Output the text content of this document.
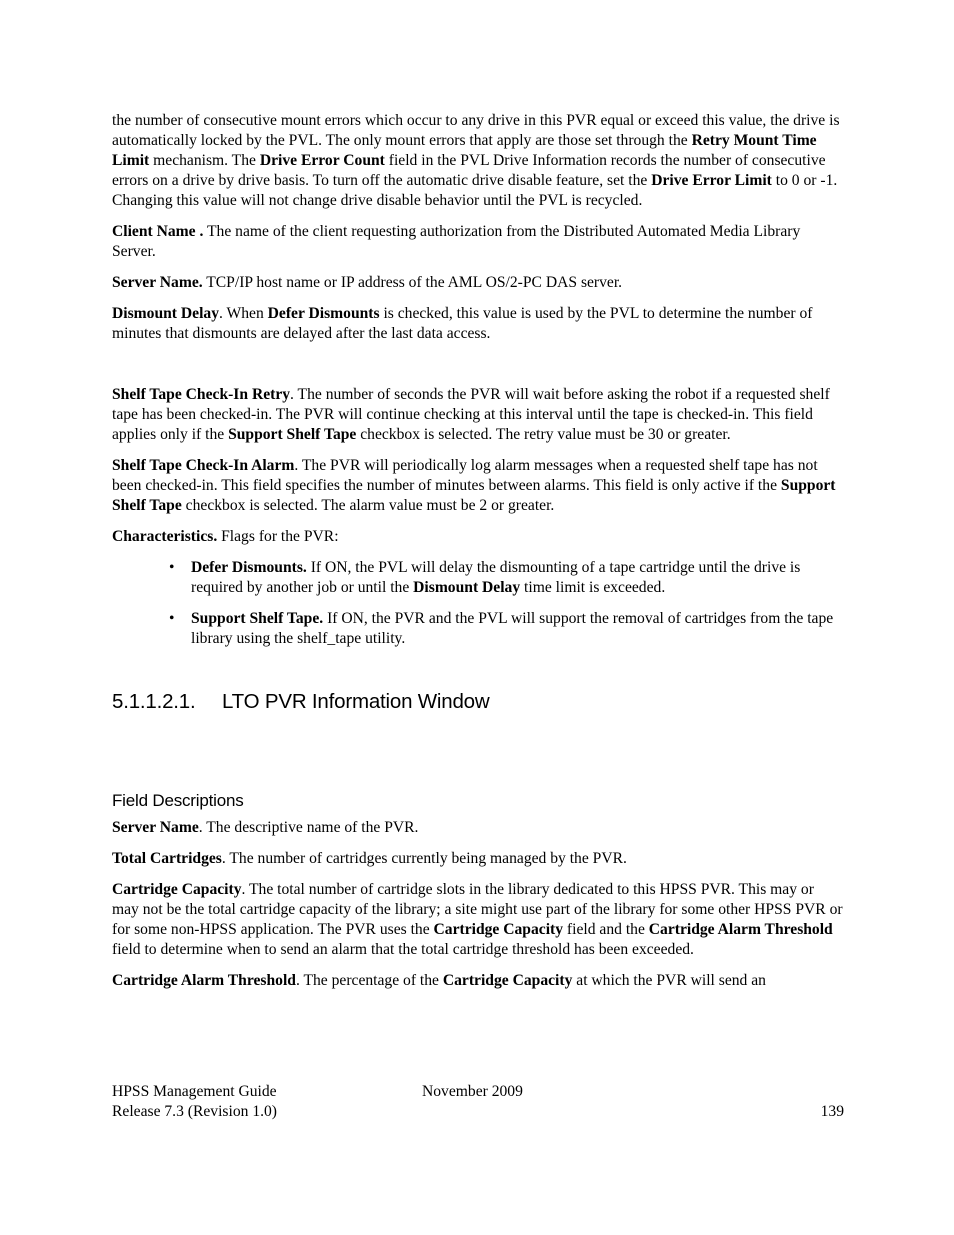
the number of consecutive mount errors which occur to any drive in this PVR equal or exceed this value, the drive is automatically locked by the PVL. The only mount errors that apply are those set through the Retry Mount Time Limit mechanism. The Drive Error Count field in the PVL Drive Information records the number of consecutive errors on a drive by drive basis. To turn off the automatic drive disable feature, set the Drive Error Limit to 0 or -1. Changing this value will not change drive disable behavior until the PVL is recycled.

Client Name . The name of the client requesting authorization from the Distributed Automated Media Library Server.

Server Name. TCP/IP host name or IP address of the AML OS/2-PC DAS server.

Dismount Delay. When Defer Dismounts is checked, this value is used by the PVL to determine the number of minutes that dismounts are delayed after the last data access.

Shelf Tape Check-In Retry. The number of seconds the PVR will wait before asking the robot if a requested shelf tape has been checked-in. The PVR will continue checking at this interval until the tape is checked-in. This field applies only if the Support Shelf Tape checkbox is selected. The retry value must be 30 or greater.

Shelf Tape Check-In Alarm. The PVR will periodically log alarm messages when a requested shelf tape has not been checked-in. This field specifies the number of minutes between alarms. This field is only active if the Support Shelf Tape checkbox is selected. The alarm value must be 2 or greater.

Characteristics. Flags for the PVR:

• Defer Dismounts. If ON, the PVL will delay the dismounting of a tape cartridge until the drive is required by another job or until the Dismount Delay time limit is exceeded.
• Support Shelf Tape. If ON, the PVR and the PVL will support the removal of cartridges from the tape library using the shelf_tape utility.
5.1.1.2.1. LTO PVR Information Window
Field Descriptions

Server Name. The descriptive name of the PVR.

Total Cartridges. The number of cartridges currently being managed by the PVR.

Cartridge Capacity. The total number of cartridge slots in the library dedicated to this HPSS PVR. This may or may not be the total cartridge capacity of the library; a site might use part of the library for some other HPSS PVR or for some non-HPSS application. The PVR uses the Cartridge Capacity field and the Cartridge Alarm Threshold field to determine when to send an alarm that the total cartridge threshold has been exceeded.

Cartridge Alarm Threshold. The percentage of the Cartridge Capacity at which the PVR will send an

HPSS Management Guide	November 2009
Release 7.3 (Revision 1.0)	139
